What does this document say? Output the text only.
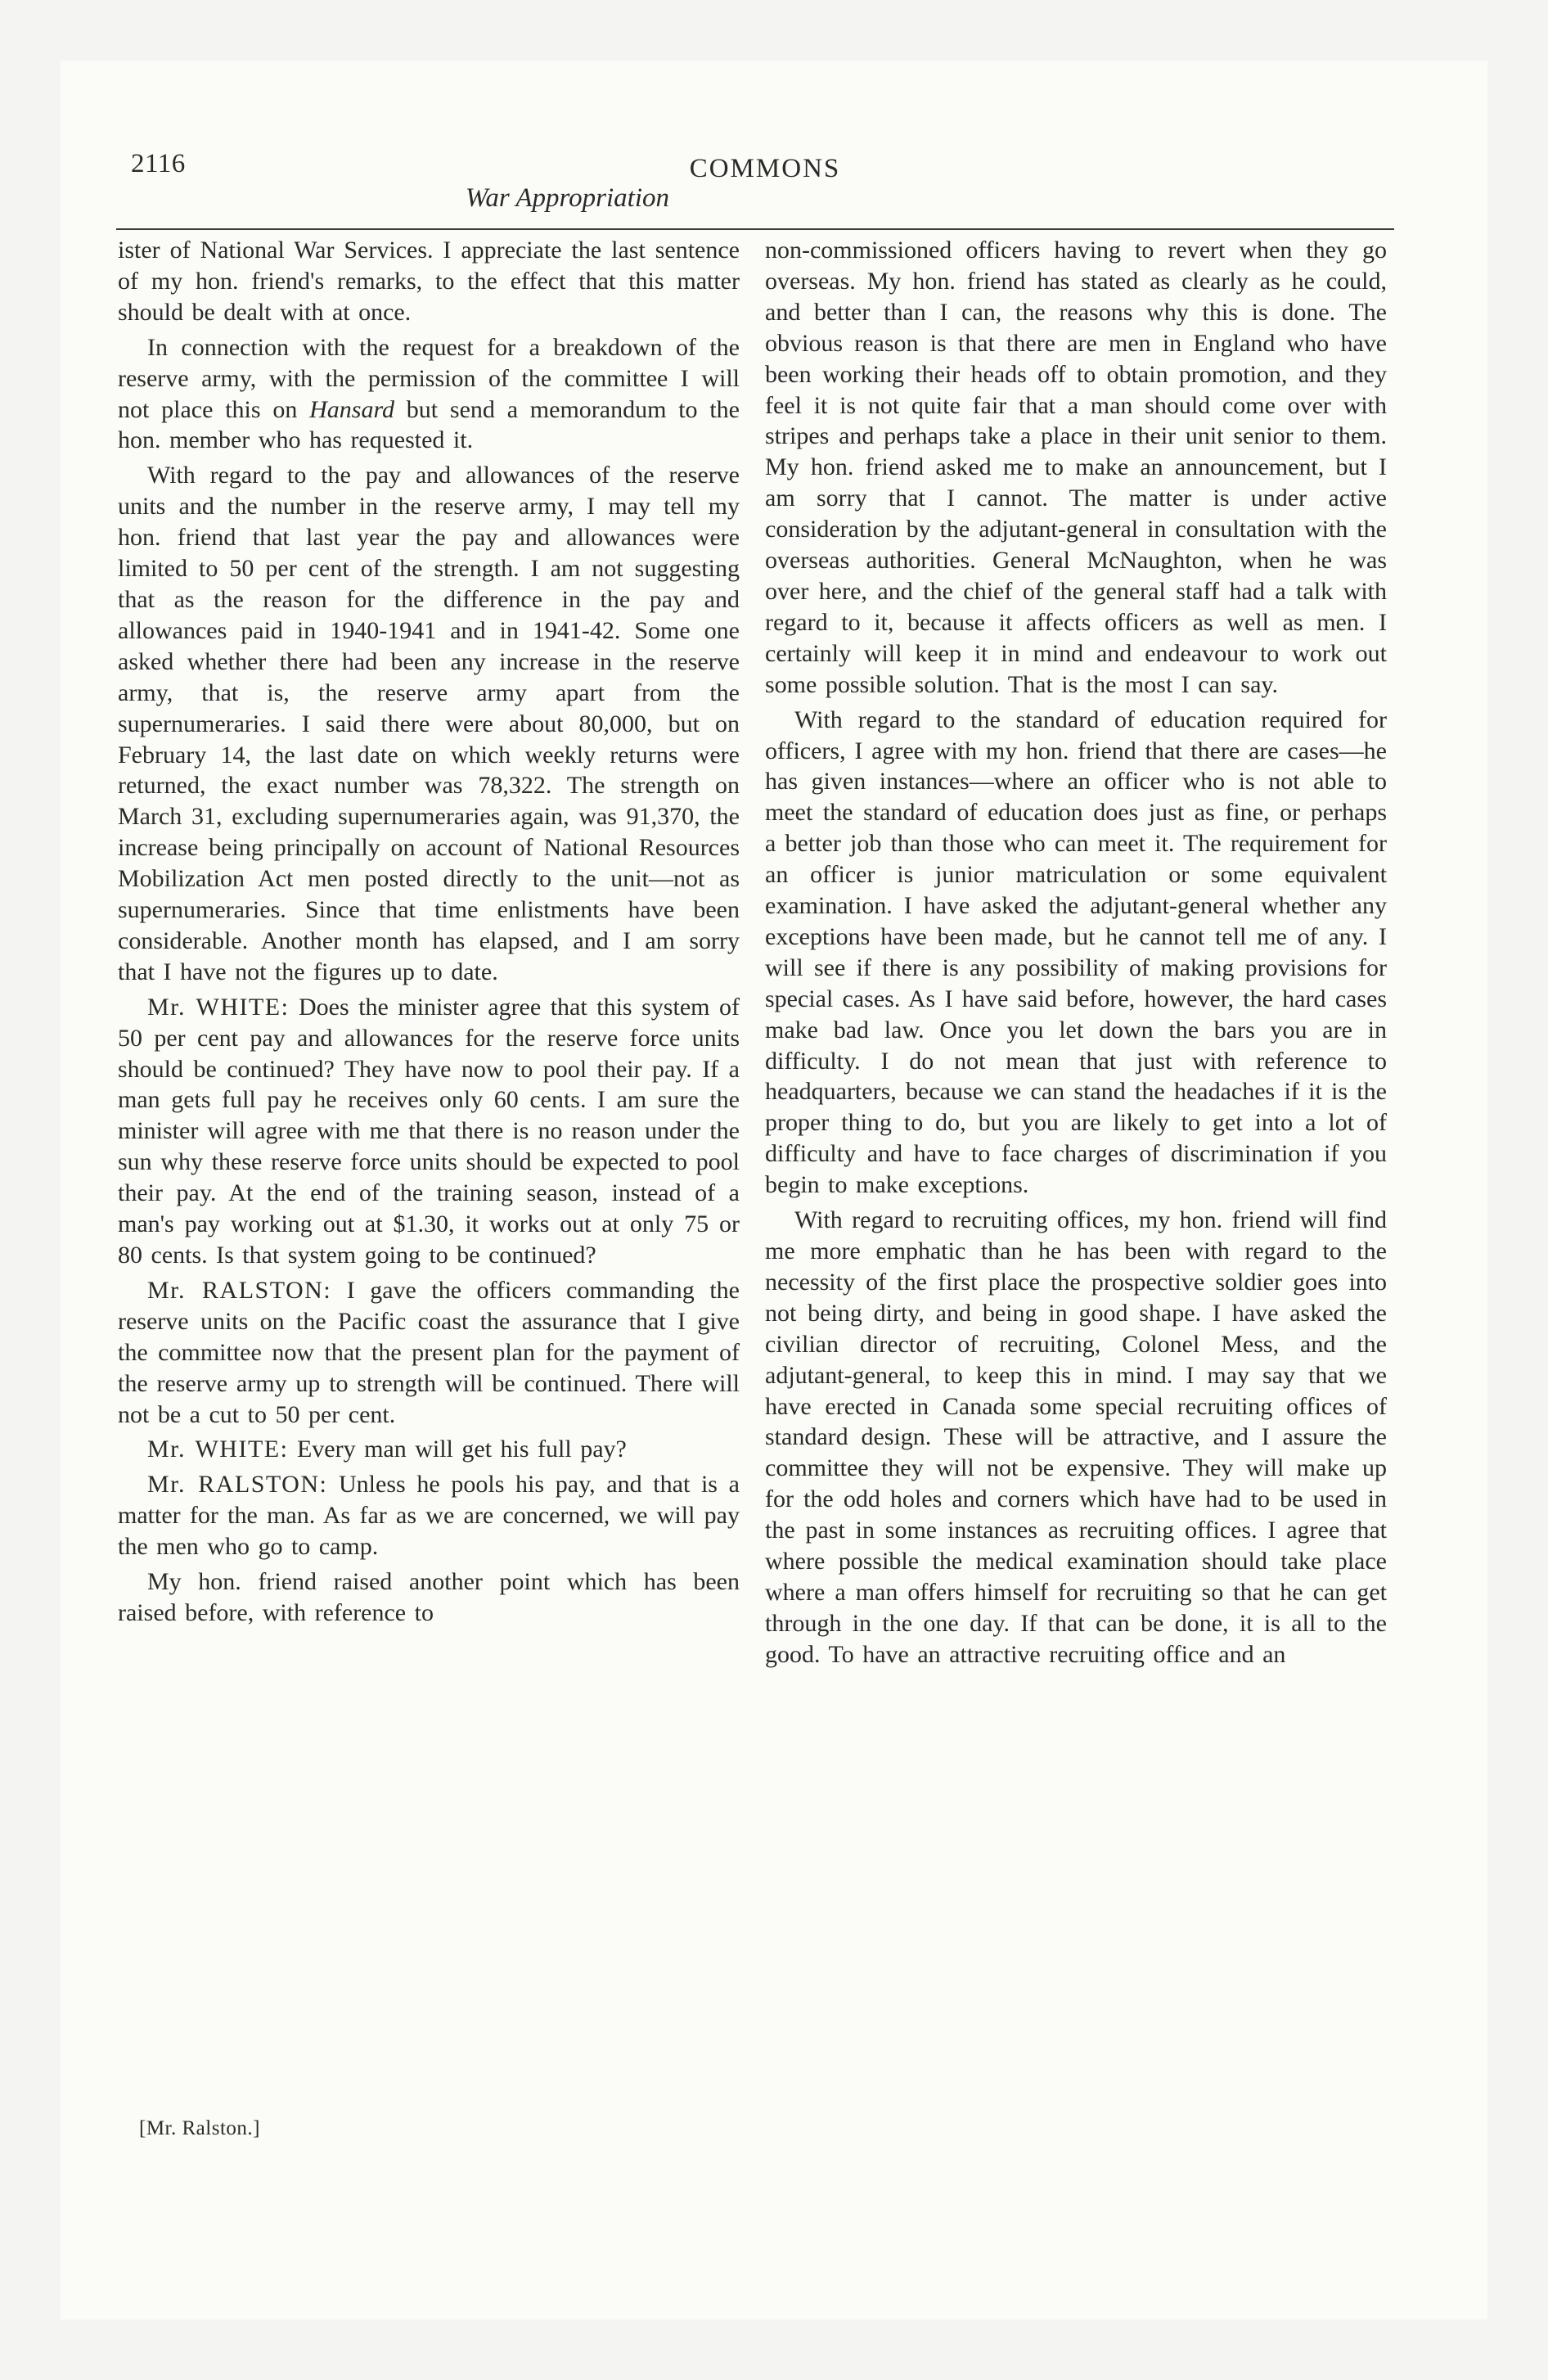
2116	COMMONS
War Appropriation

ister of National War Services. I appreciate the last sentence of my hon. friend's remarks, to the effect that this matter should be dealt with at once.

In connection with the request for a breakdown of the reserve army, with the permission of the committee I will not place this on Hansard but send a memorandum to the hon. member who has requested it.

With regard to the pay and allowances of the reserve units and the number in the reserve army, I may tell my hon. friend that last year the pay and allowances were limited to 50 per cent of the strength. I am not suggesting that as the reason for the difference in the pay and allowances paid in 1940-1941 and in 1941-42. Some one asked whether there had been any increase in the reserve army, that is, the reserve army apart from the supernumeraries. I said there were about 80,000, but on February 14, the last date on which weekly returns were returned, the exact number was 78,322. The strength on March 31, excluding supernumeraries again, was 91,370, the increase being principally on account of National Resources Mobilization Act men posted directly to the unit—not as supernumeraries. Since that time enlistments have been considerable. Another month has elapsed, and I am sorry that I have not the figures up to date.

Mr. WHITE: Does the minister agree that this system of 50 per cent pay and allowances for the reserve force units should be continued? They have now to pool their pay. If a man gets full pay he receives only 60 cents. I am sure the minister will agree with me that there is no reason under the sun why these reserve force units should be expected to pool their pay. At the end of the training season, instead of a man's pay working out at $1.30, it works out at only 75 or 80 cents. Is that system going to be continued?

Mr. RALSTON: I gave the officers commanding the reserve units on the Pacific coast the assurance that I give the committee now that the present plan for the payment of the reserve army up to strength will be continued. There will not be a cut to 50 per cent.

Mr. WHITE: Every man will get his full pay?

Mr. RALSTON: Unless he pools his pay, and that is a matter for the man. As far as we are concerned, we will pay the men who go to camp.

My hon. friend raised another point which has been raised before, with reference to

non-commissioned officers having to revert when they go overseas. My hon. friend has stated as clearly as he could, and better than I can, the reasons why this is done. The obvious reason is that there are men in England who have been working their heads off to obtain promotion, and they feel it is not quite fair that a man should come over with stripes and perhaps take a place in their unit senior to them. My hon. friend asked me to make an announcement, but I am sorry that I cannot. The matter is under active consideration by the adjutant-general in consultation with the overseas authorities. General McNaughton, when he was over here, and the chief of the general staff had a talk with regard to it, because it affects officers as well as men. I certainly will keep it in mind and endeavour to work out some possible solution. That is the most I can say.

With regard to the standard of education required for officers, I agree with my hon. friend that there are cases—he has given instances—where an officer who is not able to meet the standard of education does just as fine, or perhaps a better job than those who can meet it. The requirement for an officer is junior matriculation or some equivalent examination. I have asked the adjutant-general whether any exceptions have been made, but he cannot tell me of any. I will see if there is any possibility of making provisions for special cases. As I have said before, however, the hard cases make bad law. Once you let down the bars you are in difficulty. I do not mean that just with reference to headquarters, because we can stand the headaches if it is the proper thing to do, but you are likely to get into a lot of difficulty and have to face charges of discrimination if you begin to make exceptions.

With regard to recruiting offices, my hon. friend will find me more emphatic than he has been with regard to the necessity of the first place the prospective soldier goes into not being dirty, and being in good shape. I have asked the civilian director of recruiting, Colonel Mess, and the adjutant-general, to keep this in mind. I may say that we have erected in Canada some special recruiting offices of standard design. These will be attractive, and I assure the committee they will not be expensive. They will make up for the odd holes and corners which have had to be used in the past in some instances as recruiting offices. I agree that where possible the medical examination should take place where a man offers himself for recruiting so that he can get through in the one day. If that can be done, it is all to the good. To have an attractive recruiting office and an

[Mr. Ralston.]
